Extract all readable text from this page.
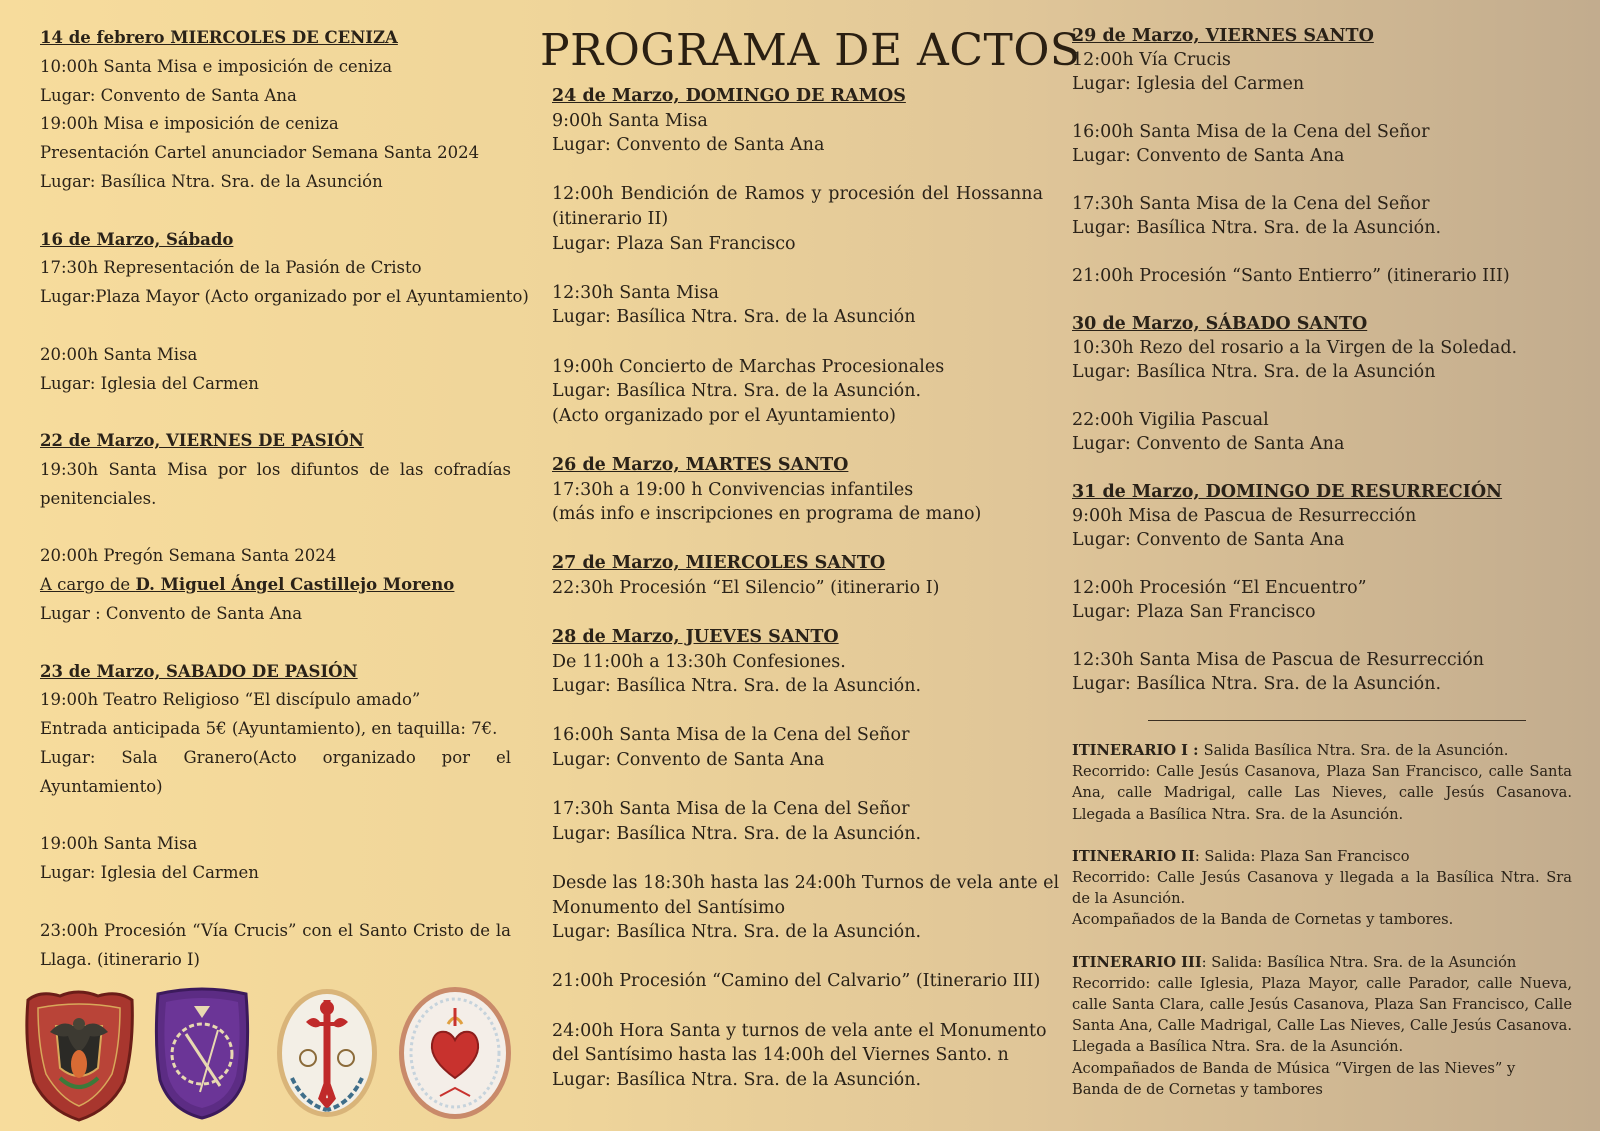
14 de febrero MIERCOLES DE CENIZA
10:00h Santa Misa e imposición de ceniza
Lugar: Convento de Santa Ana
19:00h Misa e imposición de ceniza
Presentación Cartel anunciador Semana Santa 2024
Lugar: Basílica Ntra. Sra. de la Asunción
16 de Marzo, Sábado
17:30h Representación de la Pasión de Cristo
Lugar:Plaza Mayor (Acto organizado por el Ayuntamiento)
20:00h Santa Misa
Lugar: Iglesia del Carmen
22 de Marzo, VIERNES DE PASIÓN
19:30h Santa Misa por los difuntos de las cofradías
penitenciales.
20:00h Pregón Semana Santa 2024
A cargo de D. Miguel Ángel Castillejo Moreno
Lugar : Convento de Santa Ana
23 de Marzo, SABADO DE PASIÓN
19:00h Teatro Religioso “El discípulo amado”
Entrada anticipada 5€ (Ayuntamiento), en taquilla: 7€.
Lugar: Sala Granero(Acto organizado por el
Ayuntamiento)
19:00h Santa Misa
Lugar: Iglesia del Carmen
23:00h Procesión “Vía Crucis” con el Santo Cristo de la
Llaga. (itinerario I)
PROGRAMA DE ACTOS
24 de Marzo, DOMINGO DE RAMOS
9:00h Santa Misa
Lugar: Convento de Santa Ana
12:00h Bendición de Ramos y procesión del Hossanna
(itinerario II)
Lugar: Plaza San Francisco
12:30h Santa Misa
Lugar: Basílica Ntra. Sra. de la Asunción
19:00h Concierto de Marchas Procesionales
Lugar: Basílica Ntra. Sra. de la Asunción.
(Acto organizado por el Ayuntamiento)
26 de Marzo, MARTES SANTO
17:30h a 19:00 h Convivencias infantiles
(más info e inscripciones en programa de mano)
27 de Marzo, MIERCOLES SANTO
22:30h Procesión “El Silencio” (itinerario I)
28 de Marzo, JUEVES SANTO
De 11:00h a 13:30h Confesiones.
Lugar: Basílica Ntra. Sra. de la Asunción.
16:00h Santa Misa de la Cena del Señor
Lugar: Convento de Santa Ana
17:30h Santa Misa de la Cena del Señor
Lugar: Basílica Ntra. Sra. de la Asunción.
Desde las 18:30h hasta las 24:00h Turnos de vela ante el
Monumento del Santísimo
Lugar: Basílica Ntra. Sra. de la Asunción.
21:00h Procesión “Camino del Calvario” (Itinerario III)
24:00h Hora Santa y turnos de vela ante el Monumento
del Santísimo hasta las 14:00h del Viernes Santo. n
Lugar: Basílica Ntra. Sra. de la Asunción.
29 de Marzo, VIERNES SANTO
12:00h Vía Crucis
Lugar: Iglesia del Carmen
16:00h Santa Misa de la Cena del Señor
Lugar: Convento de Santa Ana
17:30h Santa Misa de la Cena del Señor
Lugar: Basílica Ntra. Sra. de la Asunción.
21:00h Procesión “Santo Entierro” (itinerario III)
30 de Marzo, SÁBADO SANTO
10:30h Rezo del rosario a la Virgen de la Soledad.
Lugar: Basílica Ntra. Sra. de la Asunción
22:00h Vigilia Pascual
Lugar: Convento de Santa Ana
31 de Marzo, DOMINGO DE RESURRECIÓN
9:00h Misa de Pascua de Resurrección
Lugar: Convento de Santa Ana
12:00h Procesión “El Encuentro”
Lugar: Plaza San Francisco
12:30h Santa Misa de Pascua de Resurrección
Lugar: Basílica Ntra. Sra. de la Asunción.
ITINERARIO I : Salida Basílica Ntra. Sra. de la Asunción.
Recorrido: Calle Jesús Casanova, Plaza San Francisco, calle Santa Ana, calle Madrigal, calle Las Nieves, calle Jesús Casanova. Llegada a Basílica Ntra. Sra. de la Asunción.
ITINERARIO II: Salida: Plaza San Francisco
Recorrido: Calle Jesús Casanova y llegada a la Basílica Ntra. Sra de la Asunción.
Acompañados de la Banda de Cornetas y tambores.
ITINERARIO III: Salida: Basílica Ntra. Sra. de la Asunción
Recorrido: calle Iglesia, Plaza Mayor, calle Parador, calle Nueva, calle Santa Clara, calle Jesús Casanova, Plaza San Francisco, Calle Santa Ana, Calle Madrigal, Calle Las Nieves, Calle Jesús Casanova. Llegada a Basílica Ntra. Sra. de la Asunción.
Acompañados de Banda de Música “Virgen de las Nieves” y
Banda de de Cornetas y tambores
